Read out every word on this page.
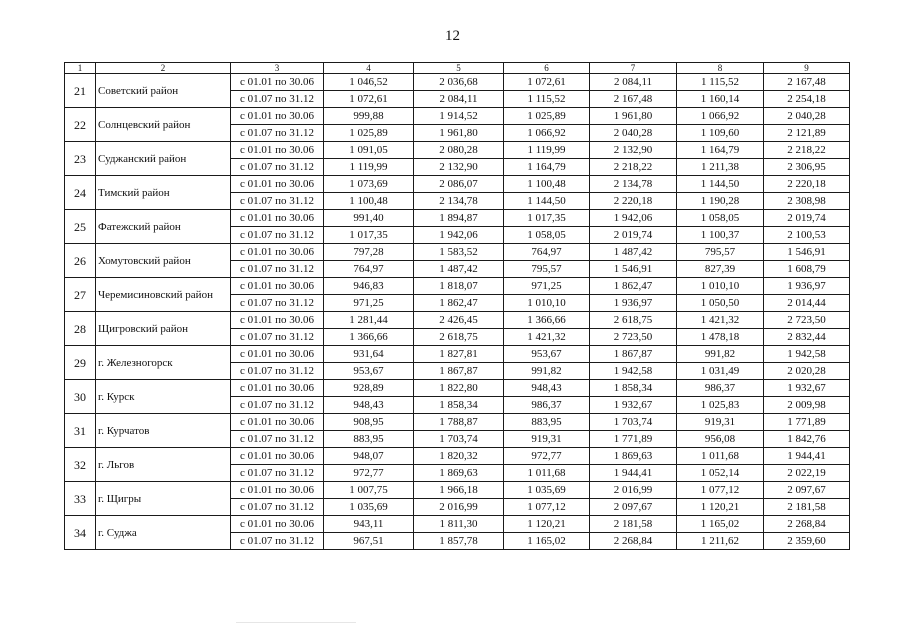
12
1	2	3	4	5	6	7	8	9
21	Советский район	с 01.01 по 30.06	1 046,52	2 036,68	1 072,61	2 084,11	1 115,52	2 167,48
		с 01.07 по 31.12	1 072,61	2 084,11	1 115,52	2 167,48	1 160,14	2 254,18
22	Солнцевский район	с 01.01 по 30.06	999,88	1 914,52	1 025,89	1 961,80	1 066,92	2 040,28
		с 01.07 по 31.12	1 025,89	1 961,80	1 066,92	2 040,28	1 109,60	2 121,89
23	Суджанский район	с 01.01 по 30.06	1 091,05	2 080,28	1 119,99	2 132,90	1 164,79	2 218,22
		с 01.07 по 31.12	1 119,99	2 132,90	1 164,79	2 218,22	1 211,38	2 306,95
24	Тимский район	с 01.01 по 30.06	1 073,69	2 086,07	1 100,48	2 134,78	1 144,50	2 220,18
		с 01.07 по 31.12	1 100,48	2 134,78	1 144,50	2 220,18	1 190,28	2 308,98
25	Фатежский район	с 01.01 по 30.06	991,40	1 894,87	1 017,35	1 942,06	1 058,05	2 019,74
		с 01.07 по 31.12	1 017,35	1 942,06	1 058,05	2 019,74	1 100,37	2 100,53
26	Хомутовский район	с 01.01 по 30.06	797,28	1 583,52	764,97	1 487,42	795,57	1 546,91
		с 01.07 по 31.12	764,97	1 487,42	795,57	1 546,91	827,39	1 608,79
27	Черемисиновский район	с 01.01 по 30.06	946,83	1 818,07	971,25	1 862,47	1 010,10	1 936,97
		с 01.07 по 31.12	971,25	1 862,47	1 010,10	1 936,97	1 050,50	2 014,44
28	Щигровский район	с 01.01 по 30.06	1 281,44	2 426,45	1 366,66	2 618,75	1 421,32	2 723,50
		с 01.07 по 31.12	1 366,66	2 618,75	1 421,32	2 723,50	1 478,18	2 832,44
29	г. Железногорск	с 01.01 по 30.06	931,64	1 827,81	953,67	1 867,87	991,82	1 942,58
		с 01.07 по 31.12	953,67	1 867,87	991,82	1 942,58	1 031,49	2 020,28
30	г. Курск	с 01.01 по 30.06	928,89	1 822,80	948,43	1 858,34	986,37	1 932,67
		с 01.07 по 31.12	948,43	1 858,34	986,37	1 932,67	1 025,83	2 009,98
31	г. Курчатов	с 01.01 по 30.06	908,95	1 788,87	883,95	1 703,74	919,31	1 771,89
		с 01.07 по 31.12	883,95	1 703,74	919,31	1 771,89	956,08	1 842,76
32	г. Льгов	с 01.01 по 30.06	948,07	1 820,32	972,77	1 869,63	1 011,68	1 944,41
		с 01.07 по 31.12	972,77	1 869,63	1 011,68	1 944,41	1 052,14	2 022,19
33	г. Щигры	с 01.01 по 30.06	1 007,75	1 966,18	1 035,69	2 016,99	1 077,12	2 097,67
		с 01.07 по 31.12	1 035,69	2 016,99	1 077,12	2 097,67	1 120,21	2 181,58
34	г. Суджа	с 01.01 по 30.06	943,11	1 811,30	1 120,21	2 181,58	1 165,02	2 268,84
		с 01.07 по 31.12	967,51	1 857,78	1 165,02	2 268,84	1 211,62	2 359,60
